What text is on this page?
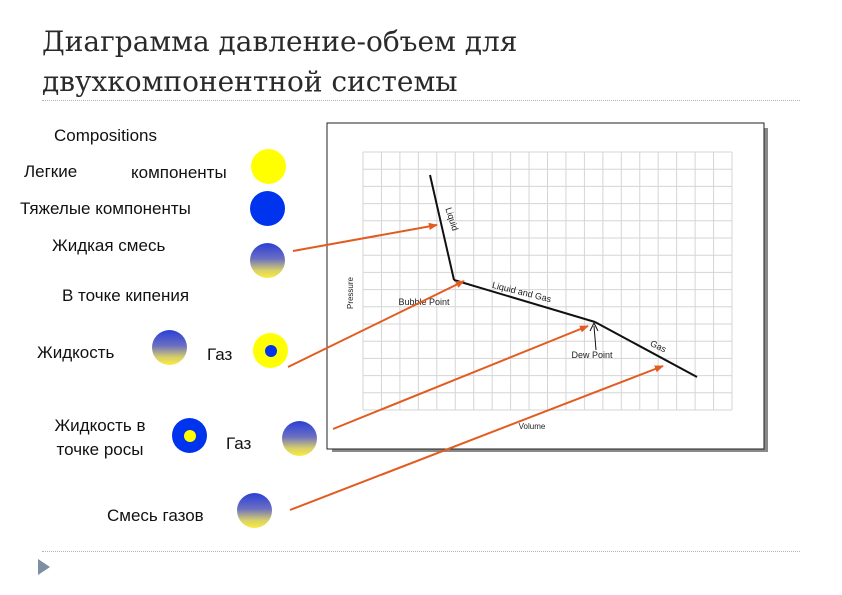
Диаграмма давление-объем для
двухкомпонентной системы
Compositions
Легкие	компоненты
Тяжелые компоненты
Жидкая смесь
В точке кипения
Жидкость	Газ
Жидкость в
точке росы	Газ
Смесь газов
Pressure
Volume
Liquid
Liquid and Gas
Gas
Bubble Point
Dew Point
